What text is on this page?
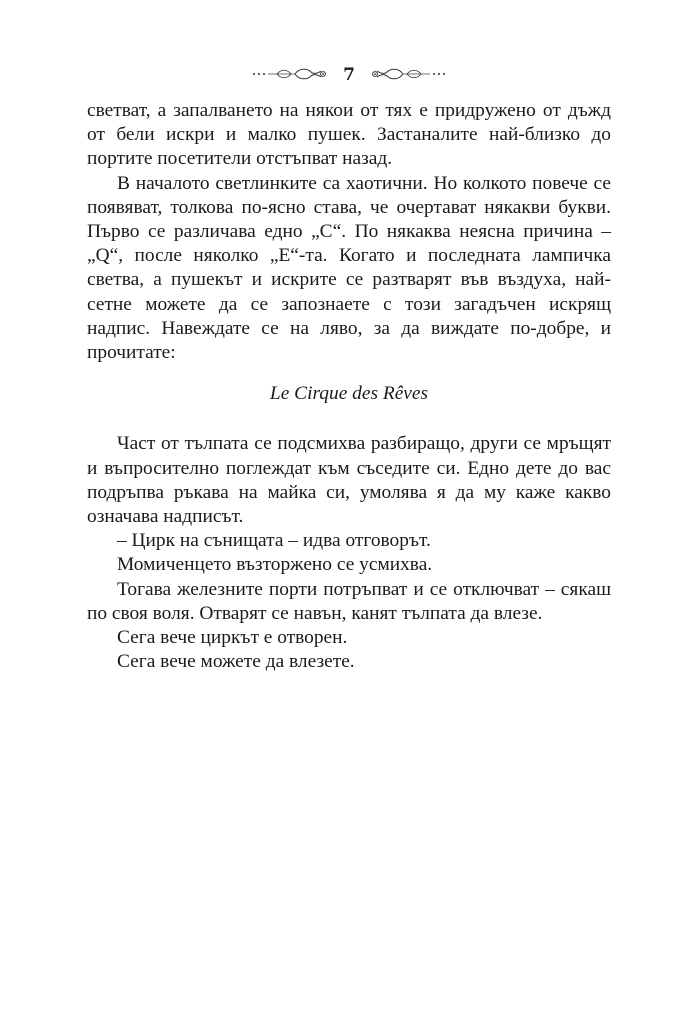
7

светват, а запалването на някои от тях е придружено от дъжд от бели искри и малко пушек. Застаналите най-близко до портите посетители отстъпват назад.

В началото светлинките са хаотични. Но колкото повече се появяват, толкова по-ясно става, че очертават някакви букви. Първо се различава едно „С“. По някаква неясна причина – „Q“, после няколко „Е“-та. Когато и последната лампичка светва, а пушекът и искрите се разтварят във въздуха, най-сетне можете да се запознаете с този загадъчен искрящ надпис. Навеждате се на ляво, за да виждате по-добре, и прочитате:

Le Cirque des Rêves

Част от тълпата се подсмихва разбиращо, други се мръщят и въпросително поглеждат към съседите си. Едно дете до вас подръпва ръкава на майка си, умолява я да му каже какво означава надписът.

– Цирк на сънищата – идва отговорът.

Момиченцето възторжено се усмихва.

Тогава железните порти потръпват и се отключват – сякаш по своя воля. Отварят се навън, канят тълпата да влезе.

Сега вече циркът е отворен.

Сега вече можете да влезете.
